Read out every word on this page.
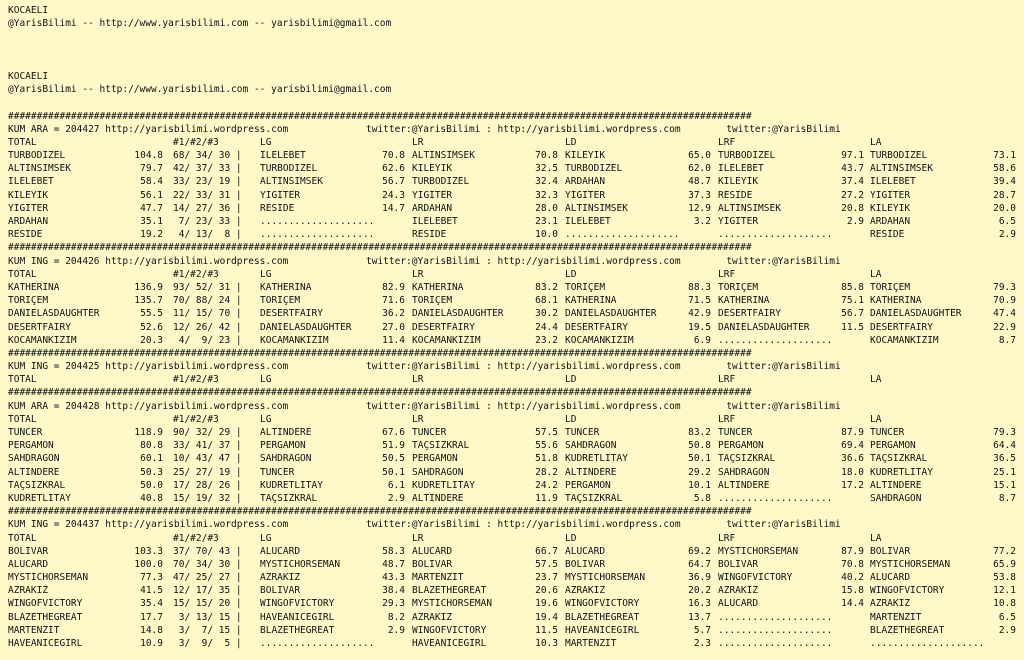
KOCAELI
@YarisBilimi -- http://www.yarisbilimi.com -- yarisbilimi@gmail.com
KOCAELI
@YarisBilimi -- http://www.yarisbilimi.com -- yarisbilimi@gmail.com
##################################################################################################################################
KUM ARA = 204427 http://yarisbilimi.wordpress.com	twitter:@YarisBilimi : http://yarisbilimi.wordpress.com        twitter:@YarisBilimi
TOTAL	#1/#2/#3	LG	LR	LD	LRF	LA
TURBODIZEL	104.8 68/ 34/ 30 | ILELEBET	70.8 ALTINSIMSEK	70.8 KILEYIK	65.0 TURBODIZEL	97.1 TURBODIZEL	73.1
ALTINSIMSEK	79.7 42/ 37/ 33 | TURBODIZEL	62.6 KILEYIK	32.5 TURBODIZEL	62.0 ILELEBET	43.7 ALTINSIMSEK	58.6
ILELEBET	58.4 33/ 23/ 19 | ALTINSIMSEK	56.7 TURBODIZEL	32.4 ARDAHAN	48.7 KILEYIK	37.4 ILELEBET	39.4
KILEYIK	56.1 22/ 33/ 31 | YIGITER	24.3 YIGITER	32.3 YIGITER	37.3 RESIDE	27.2 YIGITER	28.7
YIGITER	47.7 14/ 27/ 36 | RESIDE	14.7 ARDAHAN	28.0 ALTINSIMSEK	12.9 ALTINSIMSEK	20.8 KILEYIK	20.0
ARDAHAN	35.1 7/ 23/ 33 | ....................	ILELEBET	23.1 ILELEBET	3.2 YIGITER	2.9 ARDAHAN	6.5
RESIDE	19.2 4/ 13/  8 | ....................	RESIDE	10.0 ....................	....................	RESIDE	2.9
##################################################################################################################################
KUM ING = 204426 http://yarisbilimi.wordpress.com	twitter:@YarisBilimi : http://yarisbilimi.wordpress.com        twitter:@YarisBilimi
TOTAL	#1/#2/#3	LG	LR	LD	LRF	LA
KATHERINA	136.9 93/ 52/ 31 | KATHERINA	82.9 KATHERINA	83.2 TORIÇEM	88.3 TORIÇEM	85.8 TORIÇEM	79.3
TORIÇEM	135.7 70/ 88/ 24 | TORIÇEM	71.6 TORIÇEM	68.1 KATHERINA	71.5 KATHERINA	75.1 KATHERINA	70.9
DANIELASDAUGHTER	55.5 11/ 15/ 70 | DESERTFAIRY	36.2 DANIELASDAUGHTER	30.2 DANIELASDAUGHTER	42.9 DESERTFAIRY	56.7 DANIELASDAUGHTER	47.4
DESERTFAIRY	52.6 12/ 26/ 42 | DANIELASDAUGHTER	27.0 DESERTFAIRY	24.4 DESERTFAIRY	19.5 DANIELASDAUGHTER	11.5 DESERTFAIRY	22.9
KOCAMANKIZIM	20.3 4/  9/ 23 | KOCAMANKIZIM	11.4 KOCAMANKIZIM	23.2 KOCAMANKIZIM	6.9 ....................	KOCAMANKIZIM	8.7
##################################################################################################################################
KUM ING = 204425 http://yarisbilimi.wordpress.com	twitter:@YarisBilimi : http://yarisbilimi.wordpress.com        twitter:@YarisBilimi
TOTAL	#1/#2/#3	LG	LR	LD	LRF	LA
##################################################################################################################################
KUM ARA = 204428 http://yarisbilimi.wordpress.com	twitter:@YarisBilimi : http://yarisbilimi.wordpress.com        twitter:@YarisBilimi
TOTAL	#1/#2/#3	LG	LR	LD	LRF	LA
TUNCER	118.9 90/ 32/ 29 | ALTINDERE	67.6 TUNCER	57.5 TUNCER	83.2 TUNCER	87.9 TUNCER	79.3
PERGAMON	80.8 33/ 41/ 37 | PERGAMON	51.9 TAÇSIZKRAL	55.6 SAHDRAGON	50.8 PERGAMON	69.4 PERGAMON	64.4
SAHDRAGON	60.1 10/ 43/ 47 | SAHDRAGON	50.5 PERGAMON	51.8 KUDRETLITAY	50.1 TAÇSIZKRAL	36.6 TAÇSIZKRAL	36.5
ALTINDERE	50.3 25/ 27/ 19 | TUNCER	50.1 SAHDRAGON	28.2 ALTINDERE	29.2 SAHDRAGON	18.0 KUDRETLITAY	25.1
TAÇSIZKRAL	50.0 17/ 28/ 26 | KUDRETLITAY	6.1 KUDRETLITAY	24.2 PERGAMON	10.1 ALTINDERE	17.2 ALTINDERE	15.1
KUDRETLITAY	40.8 15/ 19/ 32 | TAÇSIZKRAL	2.9 ALTINDERE	11.9 TAÇSIZKRAL	5.8 ....................	SAHDRAGON	8.7
##################################################################################################################################
KUM ING = 204437 http://yarisbilimi.wordpress.com	twitter:@YarisBilimi : http://yarisbilimi.wordpress.com        twitter:@YarisBilimi
TOTAL	#1/#2/#3	LG	LR	LD	LRF	LA
BOLIVAR	103.3 37/ 70/ 43 | ALUCARD	58.3 ALUCARD	66.7 ALUCARD	69.2 MYSTICHORSEMAN	87.9 BOLIVAR	77.2
ALUCARD	100.0 70/ 34/ 30 | MYSTICHORSEMAN	48.7 BOLIVAR	57.5 BOLIVAR	64.7 BOLIVAR	70.8 MYSTICHORSEMAN	65.9
MYSTICHORSEMAN	77.3 47/ 25/ 27 | AZRAKIZ	43.3 MARTENZIT	23.7 MYSTICHORSEMAN	36.9 WINGOFVICTORY	40.2 ALUCARD	53.8
AZRAKIZ	41.5 12/ 17/ 35 | BOLIVAR	38.4 BLAZETHEGREAT	20.6 AZRAKIZ	20.2 AZRAKIZ	15.8 WINGOFVICTORY	12.1
WINGOFVICTORY	35.4 15/ 15/ 20 | WINGOFVICTORY	29.3 MYSTICHORSEMAN	19.6 WINGOFVICTORY	16.3 ALUCARD	14.4 AZRAKIZ	10.8
BLAZETHEGREAT	17.7 3/ 13/ 15 | HAVEANICEGIRL	8.2 AZRAKIZ	19.4 BLAZETHEGREAT	13.7 ....................	MARTENZIT	6.5
MARTENZIT	14.8 3/  7/ 15 | BLAZETHEGREAT	2.9 WINGOFVICTORY	11.5 HAVEANICEGIRL	5.7 ....................	BLAZETHEGREAT	2.9
HAVEANICEGIRL	10.9 3/  9/  5 | ....................	HAVEANICEGIRL	10.3 MARTENZIT	2.3 ....................	....................
